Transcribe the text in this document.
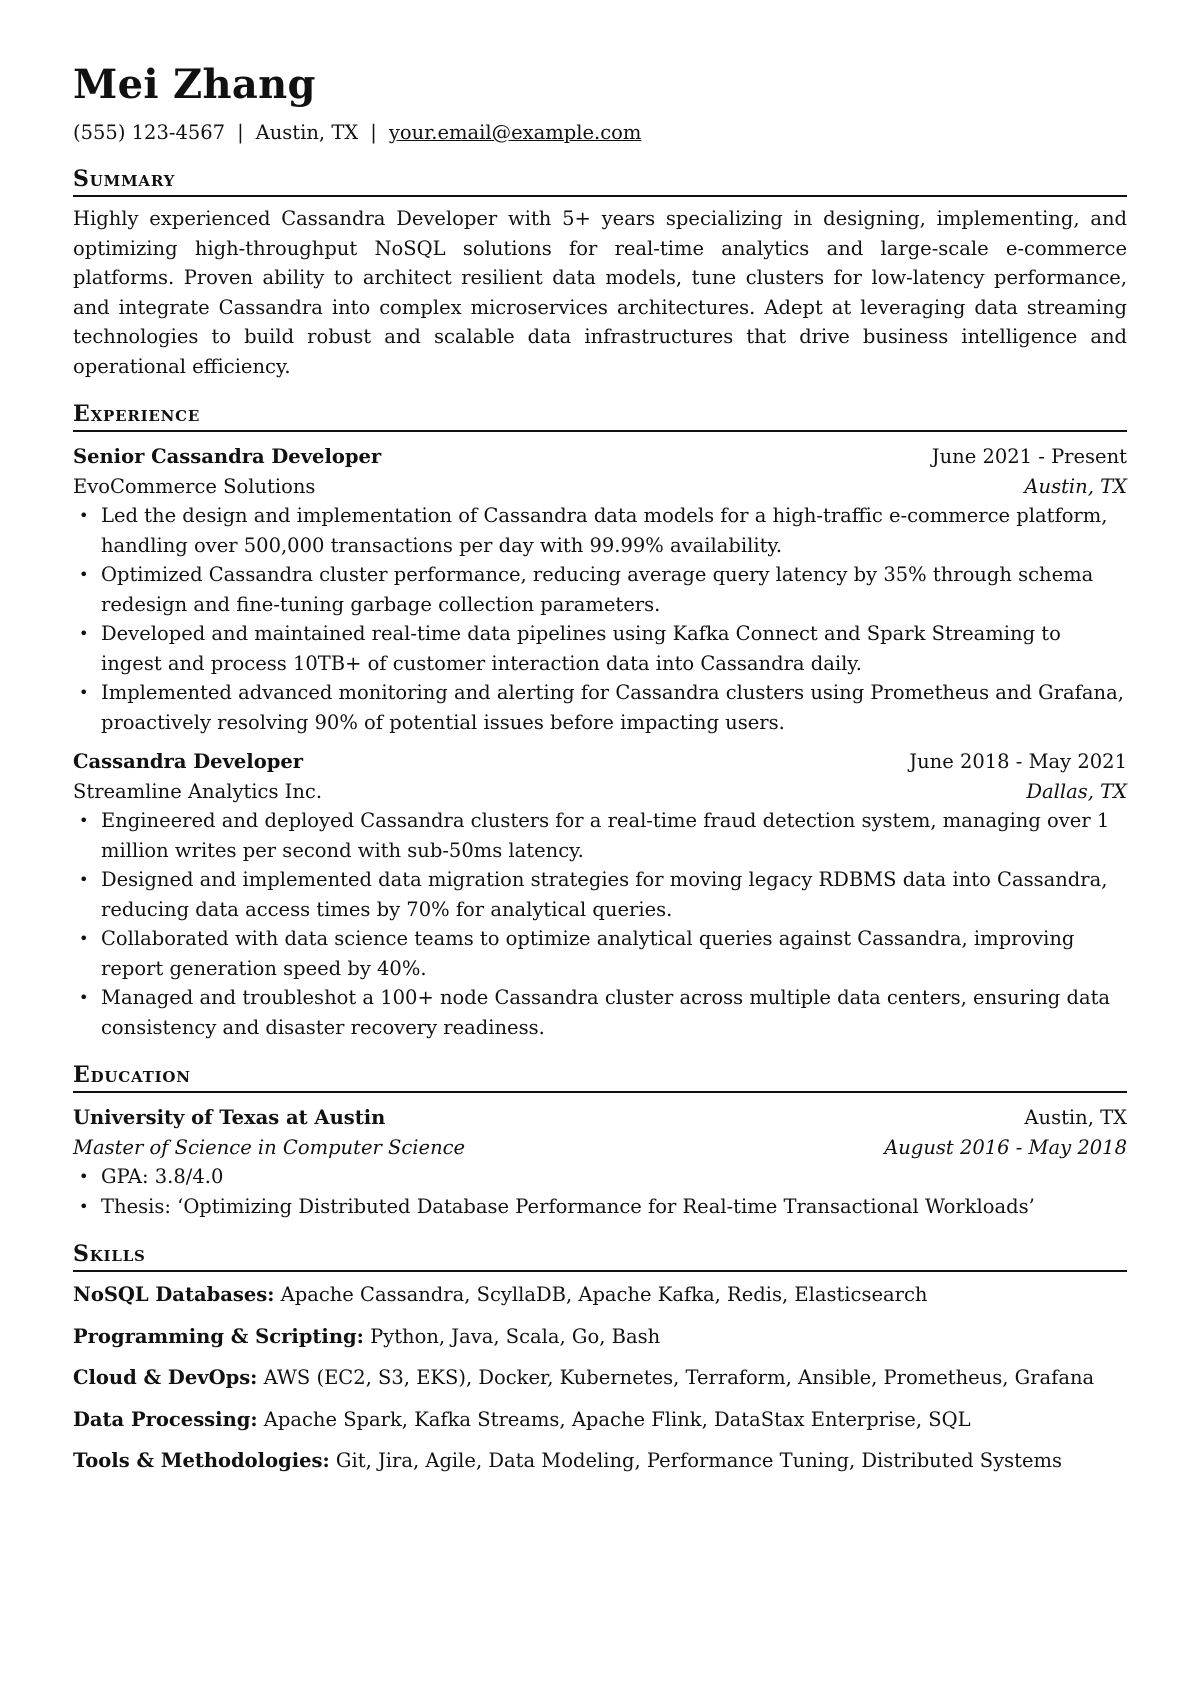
Mei Zhang
(555) 123-4567 | Austin, TX | your.email@example.com
Summary

Highly experienced Cassandra Developer with 5+ years specializing in designing, implementing, and optimizing high-throughput NoSQL solutions for real-time analytics and large-scale e-commerce platforms. Proven ability to architect resilient data models, tune clusters for low-latency performance, and integrate Cassandra into complex microservices architectures. Adept at leveraging data streaming technologies to build robust and scalable data infrastructures that drive business intelligence and operational efficiency.

Experience
Senior Cassandra Developer	June 2021 - Present
EvoCommerce Solutions	Austin, TX
• Led the design and implementation of Cassandra data models for a high-traffic e-commerce platform, handling over 500,000 transactions per day with 99.99% availability.
• Optimized Cassandra cluster performance, reducing average query latency by 35% through schema redesign and fine-tuning garbage collection parameters.
• Developed and maintained real-time data pipelines using Kafka Connect and Spark Streaming to ingest and process 10TB+ of customer interaction data into Cassandra daily.
• Implemented advanced monitoring and alerting for Cassandra clusters using Prometheus and Grafana, proactively resolving 90% of potential issues before impacting users.
Cassandra Developer	June 2018 - May 2021
Streamline Analytics Inc.	Dallas, TX
• Engineered and deployed Cassandra clusters for a real-time fraud detection system, managing over 1 million writes per second with sub-50ms latency.
• Designed and implemented data migration strategies for moving legacy RDBMS data into Cassandra, reducing data access times by 70% for analytical queries.
• Collaborated with data science teams to optimize analytical queries against Cassandra, improving report generation speed by 40%.
• Managed and troubleshot a 100+ node Cassandra cluster across multiple data centers, ensuring data consistency and disaster recovery readiness.
Education
University of Texas at Austin	Austin, TX
Master of Science in Computer Science	August 2016 - May 2018
• GPA: 3.8/4.0
• Thesis: ‘Optimizing Distributed Database Performance for Real-time Transactional Workloads’
Skills
NoSQL Databases: Apache Cassandra, ScyllaDB, Apache Kafka, Redis, Elasticsearch
Programming & Scripting: Python, Java, Scala, Go, Bash
Cloud & DevOps: AWS (EC2, S3, EKS), Docker, Kubernetes, Terraform, Ansible, Prometheus, Grafana
Data Processing: Apache Spark, Kafka Streams, Apache Flink, DataStax Enterprise, SQL
Tools & Methodologies: Git, Jira, Agile, Data Modeling, Performance Tuning, Distributed Systems
